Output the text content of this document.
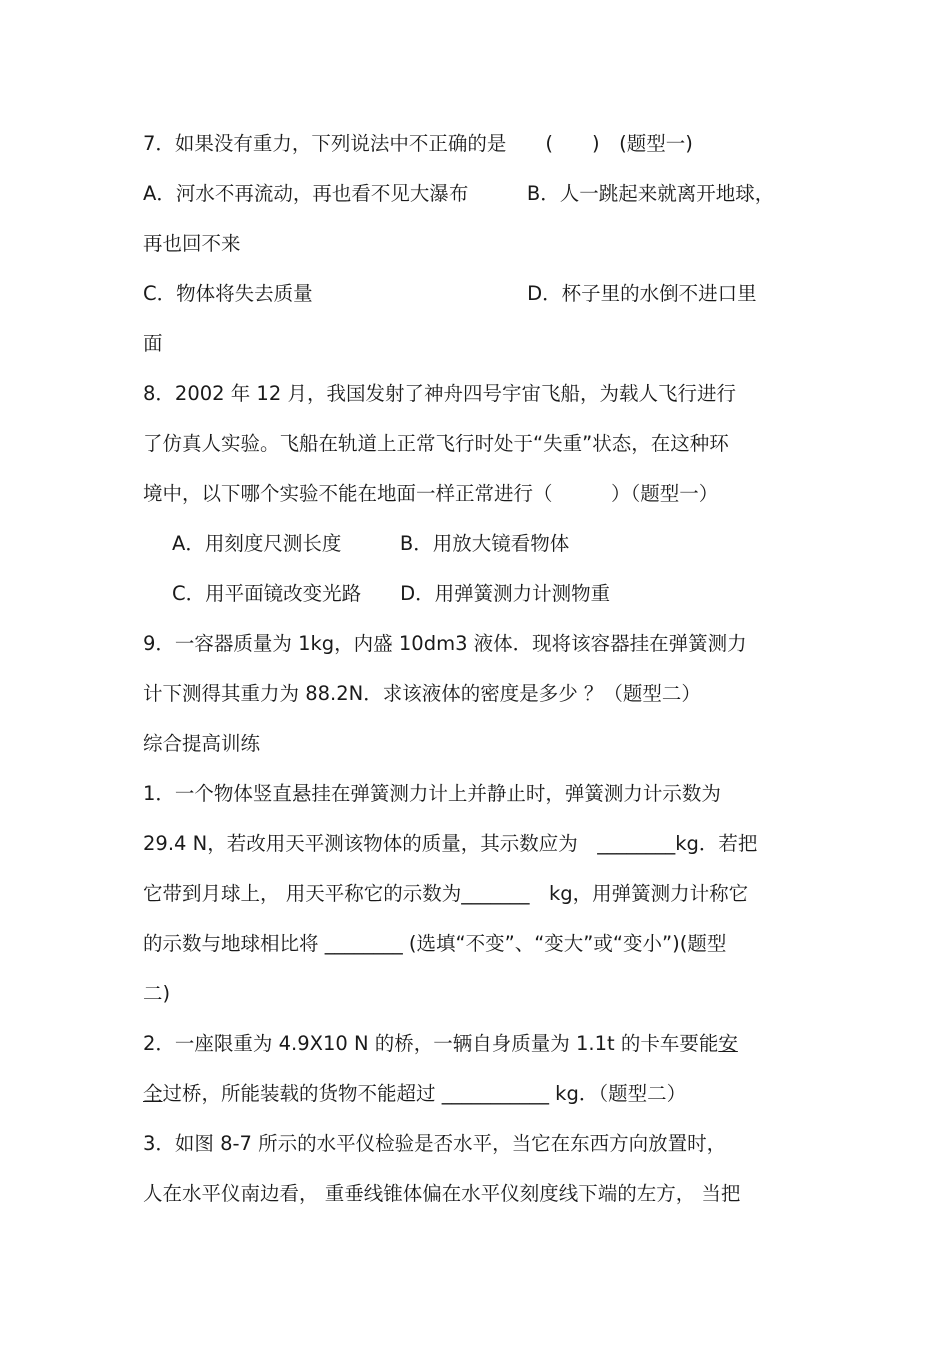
7．如果没有重力，下列说法中不正确的是　　(　　)　(题型一)
A．河水不再流动，再也看不见大瀑布　　　B．人一跳起来就离开地球，
再也回不来
C．物体将失去质量　　　　　　　　　　　D．杯子里的水倒不进口里
面
8．2002 年 12 月，我国发射了神舟四号宇宙飞船，为载人飞行进行
了仿真人实验。飞船在轨道上正常飞行时处于“失重”状态，在这种环
境中，以下哪个实验不能在地面一样正常进行（　　　）（题型一）
A．用刻度尺测长度　　　B．用放大镜看物体
C．用平面镜改变光路　　D．用弹簧测力计测物重
9．一容器质量为 1kg，内盛 10dm3 液体．现将该容器挂在弹簧测力
计下测得其重力为 88.2N．求该液体的密度是多少 ？（题型二）
综合提高训练
1．一个物体竖直悬挂在弹簧测力计上并静止时，弹簧测力计示数为
29.4 N，若改用天平测该物体的质量，其示数应为　________kg．若把
它带到月球上， 用天平称它的示数为_______　kg，用弹簧测力计称它
的示数与地球相比将 ________ (选填“不变”、“变大”或“变小”)(题型
二)
2．一座限重为 4.9X10 N 的桥，一辆自身质量为 1.1t 的卡车要能安
全过桥，所能装载的货物不能超过 ___________ kg．（题型二）
3．如图 8-7 所示的水平仪检验是否水平，当它在东西方向放置时，
人在水平仪南边看， 重垂线锥体偏在水平仪刻度线下端的左方， 当把
